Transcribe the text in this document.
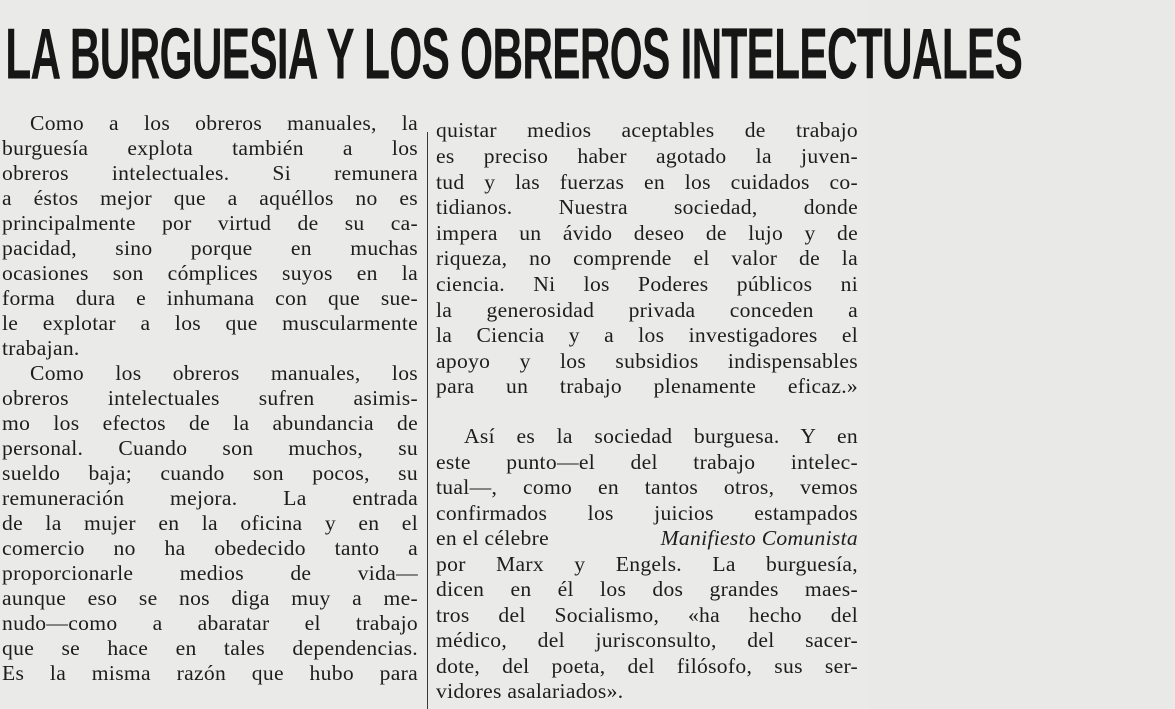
LA BURGUESIA Y LOS OBREROS INTELECTUALES
Como a los obreros manuales, la
burguesía explota también a los
obreros intelectuales. Si remunera
a éstos mejor que a aquéllos no es
principalmente por virtud de su ca-
pacidad, sino porque en muchas
ocasiones son cómplices suyos en la
forma dura e inhumana con que sue-
le explotar a los que muscularmente
trabajan.
Como los obreros manuales, los
obreros intelectuales sufren asimis-
mo los efectos de la abundancia de
personal. Cuando son muchos, su
sueldo baja; cuando son pocos, su
remuneración mejora. La entrada
de la mujer en la oficina y en el
comercio no ha obedecido tanto a
proporcionarle medios de vida—
aunque eso se nos diga muy a me-
nudo—como a abaratar el trabajo
que se hace en tales dependencias.
Es la misma razón que hubo para
quistar medios aceptables de trabajo
es preciso haber agotado la juven-
tud y las fuerzas en los cuidados co-
tidianos. Nuestra sociedad, donde
impera un ávido deseo de lujo y de
riqueza, no comprende el valor de la
ciencia. Ni los Poderes públicos ni
la generosidad privada conceden a
la Ciencia y a los investigadores el
apoyo y los subsidios indispensables
para un trabajo plenamente eficaz.»
Así es la sociedad burguesa. Y en
este punto—el del trabajo intelec-
tual—, como en tantos otros, vemos
confirmados los juicios estampados
en el célebre	Manifiesto Comunista
por Marx y Engels. La burguesía,
dicen en él los dos grandes maes-
tros del Socialismo, «ha hecho del
médico, del jurisconsulto, del sacer-
dote, del poeta, del filósofo, sus ser-
vidores asalariados».
